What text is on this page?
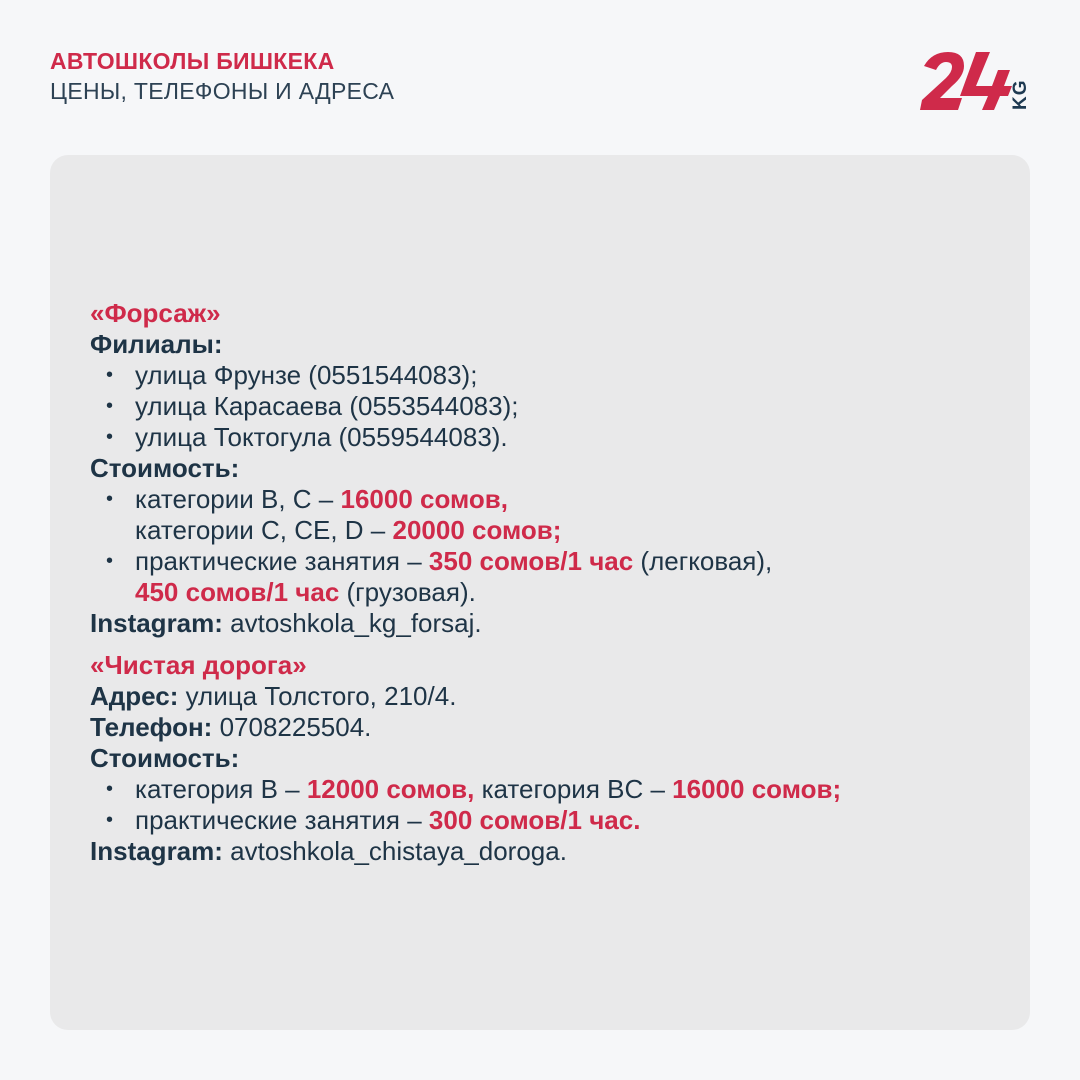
АВТОШКОЛЫ БИШКЕКА
ЦЕНЫ, ТЕЛЕФОНЫ И АДРЕСА	KG
«Форсаж»
Филиалы:
• улица Фрунзе (0551544083);
• улица Карасаева (0553544083);
• улица Токтогула (0559544083).
Стоимость:
• категории B, C – 16000 сомов,
категории C, CE, D – 20000 сомов;
• практические занятия – 350 сомов/1 час (легковая),
450 сомов/1 час (грузовая).
Instagram: avtoshkola_kg_forsaj.
«Чистая дорога»
Адрес: улица Толстого, 210/4.
Телефон: 0708225504.
Стоимость:
• категория B – 12000 сомов, категория BC – 16000 сомов;
• практические занятия – 300 сомов/1 час.
Instagram: avtoshkola_chistaya_doroga.
